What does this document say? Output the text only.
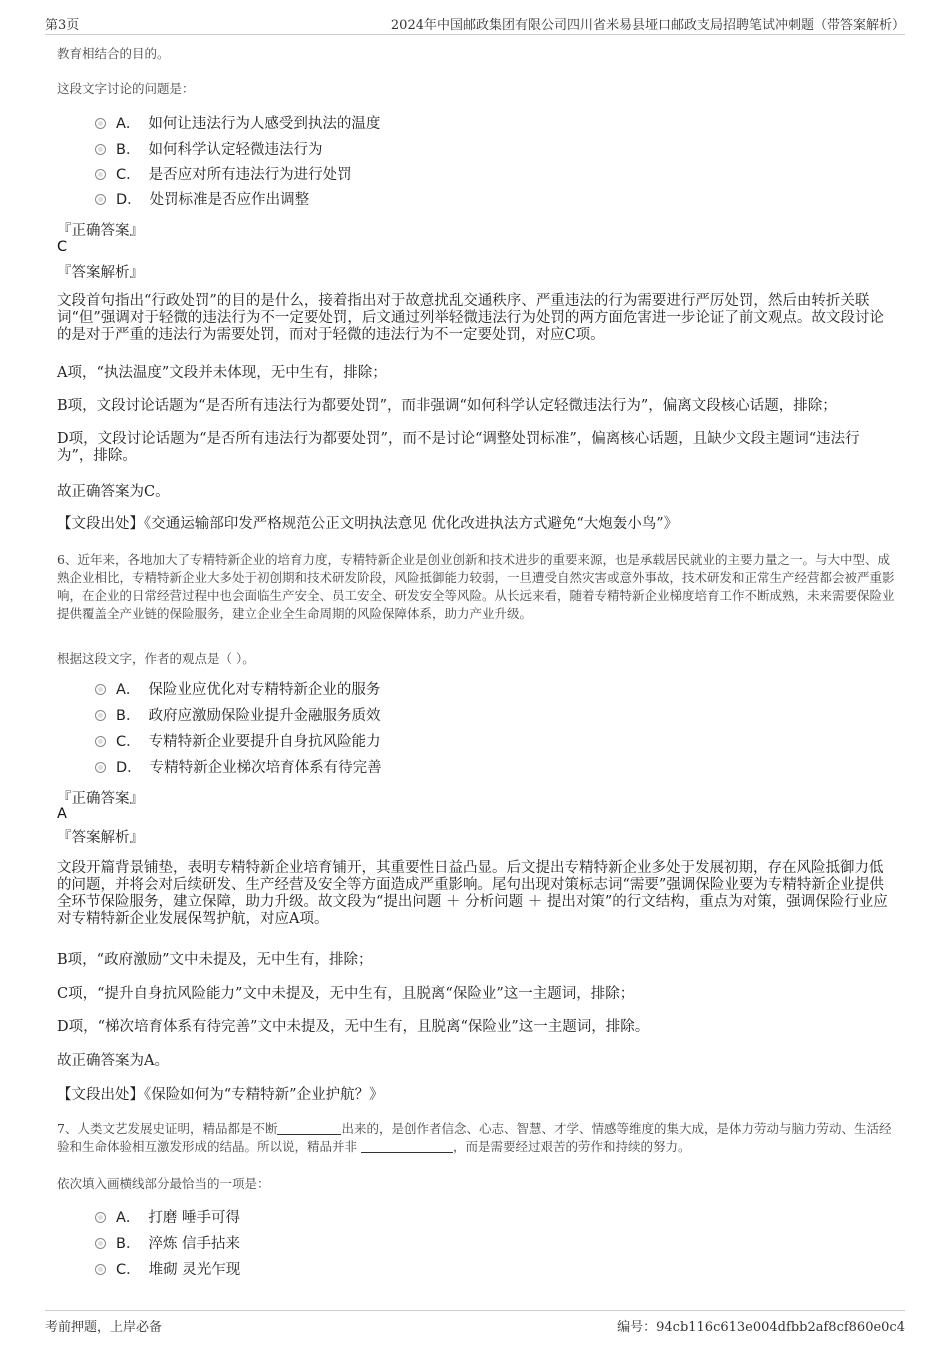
第3页	2024年中国邮政集团有限公司四川省米易县垭口邮政支局招聘笔试冲刺题（带答案解析）
教育相结合的目的。
这段文字讨论的问题是：
A． 如何让违法行为人感受到执法的温度
B． 如何科学认定轻微违法行为
C． 是否应对所有违法行为进行处罚
D． 处罚标准是否应作出调整
『正确答案』
C
『答案解析』
文段首句指出“行政处罚”的目的是什么，接着指出对于故意扰乱交通秩序、严重违法的行为需要进行严厉处罚，然后由转折关联词“但”强调对于轻微的违法行为不一定要处罚，后文通过列举轻微违法行为处罚的两方面危害进一步论证了前文观点。故文段讨论的是对于严重的违法行为需要处罚，而对于轻微的违法行为不一定要处罚，对应C项。
A项，“执法温度”文段并未体现，无中生有，排除；
B项，文段讨论话题为“是否所有违法行为都要处罚”，而非强调“如何科学认定轻微违法行为”，偏离文段核心话题，排除；
D项，文段讨论话题为“是否所有违法行为都要处罚”，而不是讨论“调整处罚标准”，偏离核心话题，且缺少文段主题词“违法行为”，排除。
故正确答案为C。
【文段出处】《交通运输部印发严格规范公正文明执法意见 优化改进执法方式避免“大炮轰小鸟”》
6、近年来，各地加大了专精特新企业的培育力度，专精特新企业是创业创新和技术进步的重要来源，也是承载居民就业的主要力量之一。与大中型、成熟企业相比，专精特新企业大多处于初创期和技术研发阶段，风险抵御能力较弱，一旦遭受自然灾害或意外事故，技术研发和正常生产经营都会被严重影响，在企业的日常经营过程中也会面临生产安全、员工安全、研发安全等风险。从长远来看，随着专精特新企业梯度培育工作不断成熟，未来需要保险业提供覆盖全产业链的保险服务，建立企业全生命周期的风险保障体系，助力产业升级。
根据这段文字，作者的观点是（ ）。
A． 保险业应优化对专精特新企业的服务
B． 政府应激励保险业提升金融服务质效
C． 专精特新企业要提升自身抗风险能力
D． 专精特新企业梯次培育体系有待完善
『正确答案』
A
『答案解析』
文段开篇背景铺垫，表明专精特新企业培育铺开，其重要性日益凸显。后文提出专精特新企业多处于发展初期，存在风险抵御力低的问题，并将会对后续研发、生产经营及安全等方面造成严重影响。尾句出现对策标志词“需要”强调保险业要为专精特新企业提供全环节保险服务，建立保障，助力升级。故文段为“提出问题 ＋ 分析问题 ＋ 提出对策”的行文结构，重点为对策，强调保险行业应对专精特新企业发展保驾护航，对应A项。
B项，“政府激励”文中未提及，无中生有，排除；
C项，“提升自身抗风险能力”文中未提及，无中生有，且脱离“保险业”这一主题词，排除；
D项，“梯次培育体系有待完善”文中未提及，无中生有，且脱离“保险业”这一主题词，排除。
故正确答案为A。
【文段出处】《保险如何为“专精特新”企业护航？》
7、人类文艺发展史证明，精品都是不断	出来的，是创作者信念、心志、智慧、才学、情感等维度的集大成，是体力劳动与脑力劳动、生活经验和生命体验相互激发形成的结晶。所以说，精品并非	，而是需要经过艰苦的劳作和持续的努力。
依次填入画横线部分最恰当的一项是：
A． 打磨 唾手可得
B． 淬炼 信手拈来
C． 堆砌 灵光乍现
考前押题，上岸必备	编号：94cb116c613e004dfbb2af8cf860e0c4
